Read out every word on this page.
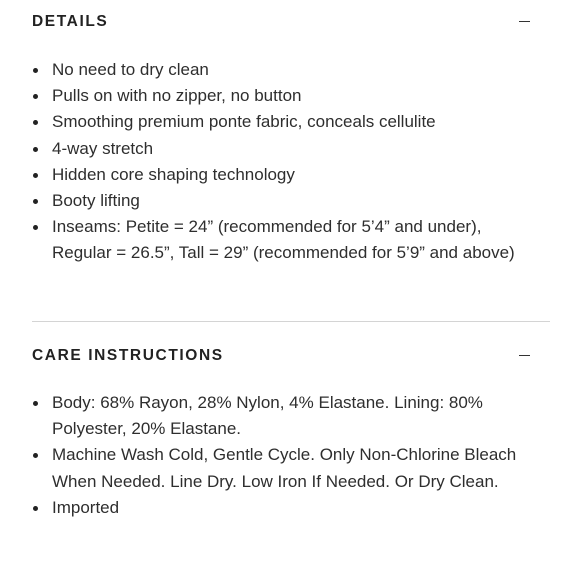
DETAILS
No need to dry clean
Pulls on with no zipper, no button
Smoothing premium ponte fabric, conceals cellulite
4-way stretch
Hidden core shaping technology
Booty lifting
Inseams: Petite = 24” (recommended for 5’4” and under), Regular = 26.5”, Tall = 29” (recommended for 5’9” and above)
CARE INSTRUCTIONS
Body: 68% Rayon, 28% Nylon, 4% Elastane. Lining: 80% Polyester, 20% Elastane.
Machine Wash Cold, Gentle Cycle. Only Non-Chlorine Bleach When Needed. Line Dry. Low Iron If Needed. Or Dry Clean.
Imported
